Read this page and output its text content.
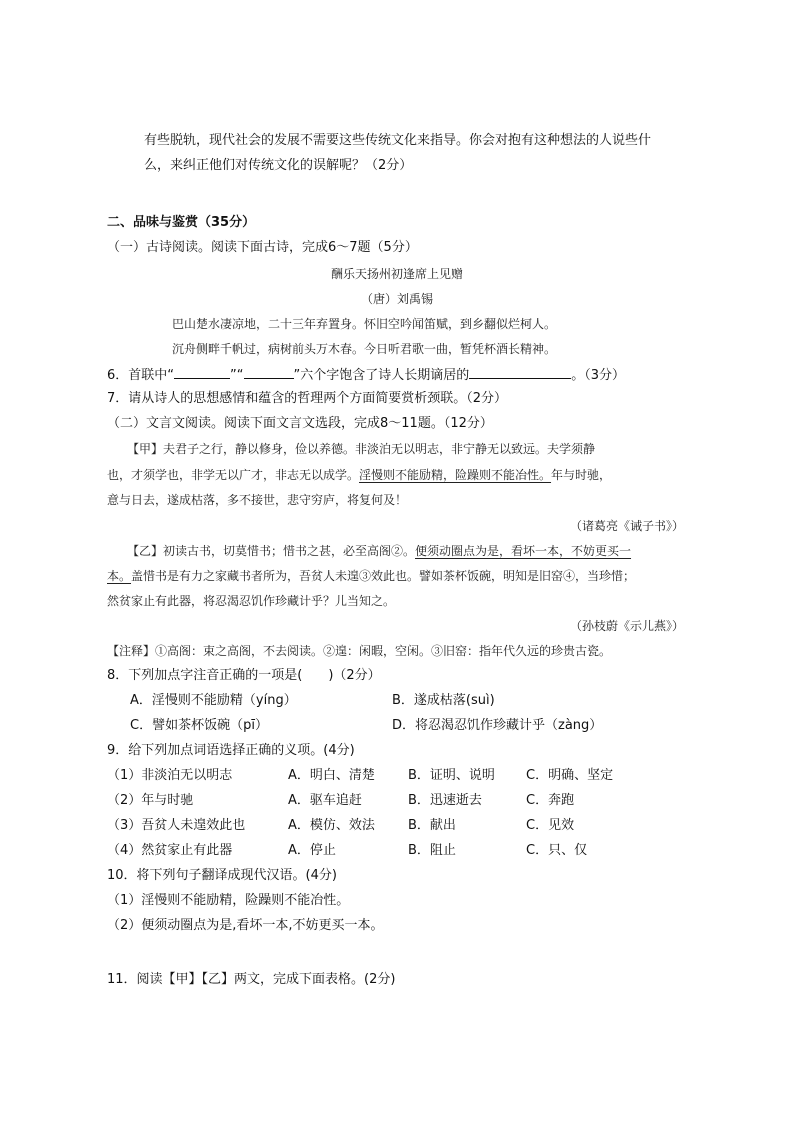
有些脱轨，现代社会的发展不需要这些传统文化来指导。你会对抱有这种想法的人说些什
么，来纠正他们对传统文化的误解呢？（2分）
二、品味与鉴赏（35分）
（一）古诗阅读。阅读下面古诗，完成6～7题（5分）
酬乐天扬州初逢席上见赠
（唐）刘禹锡
巴山楚水凄凉地，二十三年弃置身。怀旧空吟闻笛赋，到乡翻似烂柯人。
沉舟侧畔千帆过，病树前头万木春。今日听君歌一曲，暂凭杯酒长精神。
6．首联中“	”“	”六个字饱含了诗人长期谪居的	。（3分）
7．请从诗人的思想感情和蕴含的哲理两个方面简要赏析颈联。（2分）
（二）文言文阅读。阅读下面文言文选段，完成8～11题。（12分）
【甲】夫君子之行，静以修身，俭以养德。非淡泊无以明志，非宁静无以致远。夫学须静
也，才须学也，非学无以广才，非志无以成学。淫慢则不能励精，险躁则不能冶性。年与时驰，
意与日去，遂成枯落，多不接世，悲守穷庐，将复何及！
（诸葛亮《诫子书》）
【乙】初读古书，切莫惜书；惜书之甚，必至高阁②。便须动圈点为是，看坏一本，不妨更买一
本。盖惜书是有力之家藏书者所为，吾贫人未遑③效此也。譬如茶杯饭碗，明知是旧窑④，当珍惜；
然贫家止有此器，将忍渴忍饥作珍藏计乎？儿当知之。
（孙枝蔚《示儿燕》）
【注释】①高阁：束之高阁，不去阅读。②遑：闲暇，空闲。③旧窑：指年代久远的珍贵古瓷。
8．下列加点字注音正确的一项是(　　)（2分）
A．淫慢则不能励精（yíng）	B．遂成枯落(suì)
C．譬如茶杯饭碗（pī）	D．将忍渴忍饥作珍藏计乎（zàng）
9．给下列加点词语选择正确的义项。(4分)
（1）非淡泊无以明志	A．明白、清楚	B．证明、说明 C．明确、坚定
（2）年与时驰	A．驱车追赶	B．迅速逝去	C．奔跑
（3）吾贫人未遑效此也	A．模仿、效法	B．献出	C．见效
（4）然贫家止有此器	A．停止	B．阻止	C．只、仅
10．将下列句子翻译成现代汉语。(4分)
（1）淫慢则不能励精，险躁则不能冶性。
（2）便须动圈点为是,看坏一本,不妨更买一本。
11．阅读【甲】【乙】两文，完成下面表格。(2分)
